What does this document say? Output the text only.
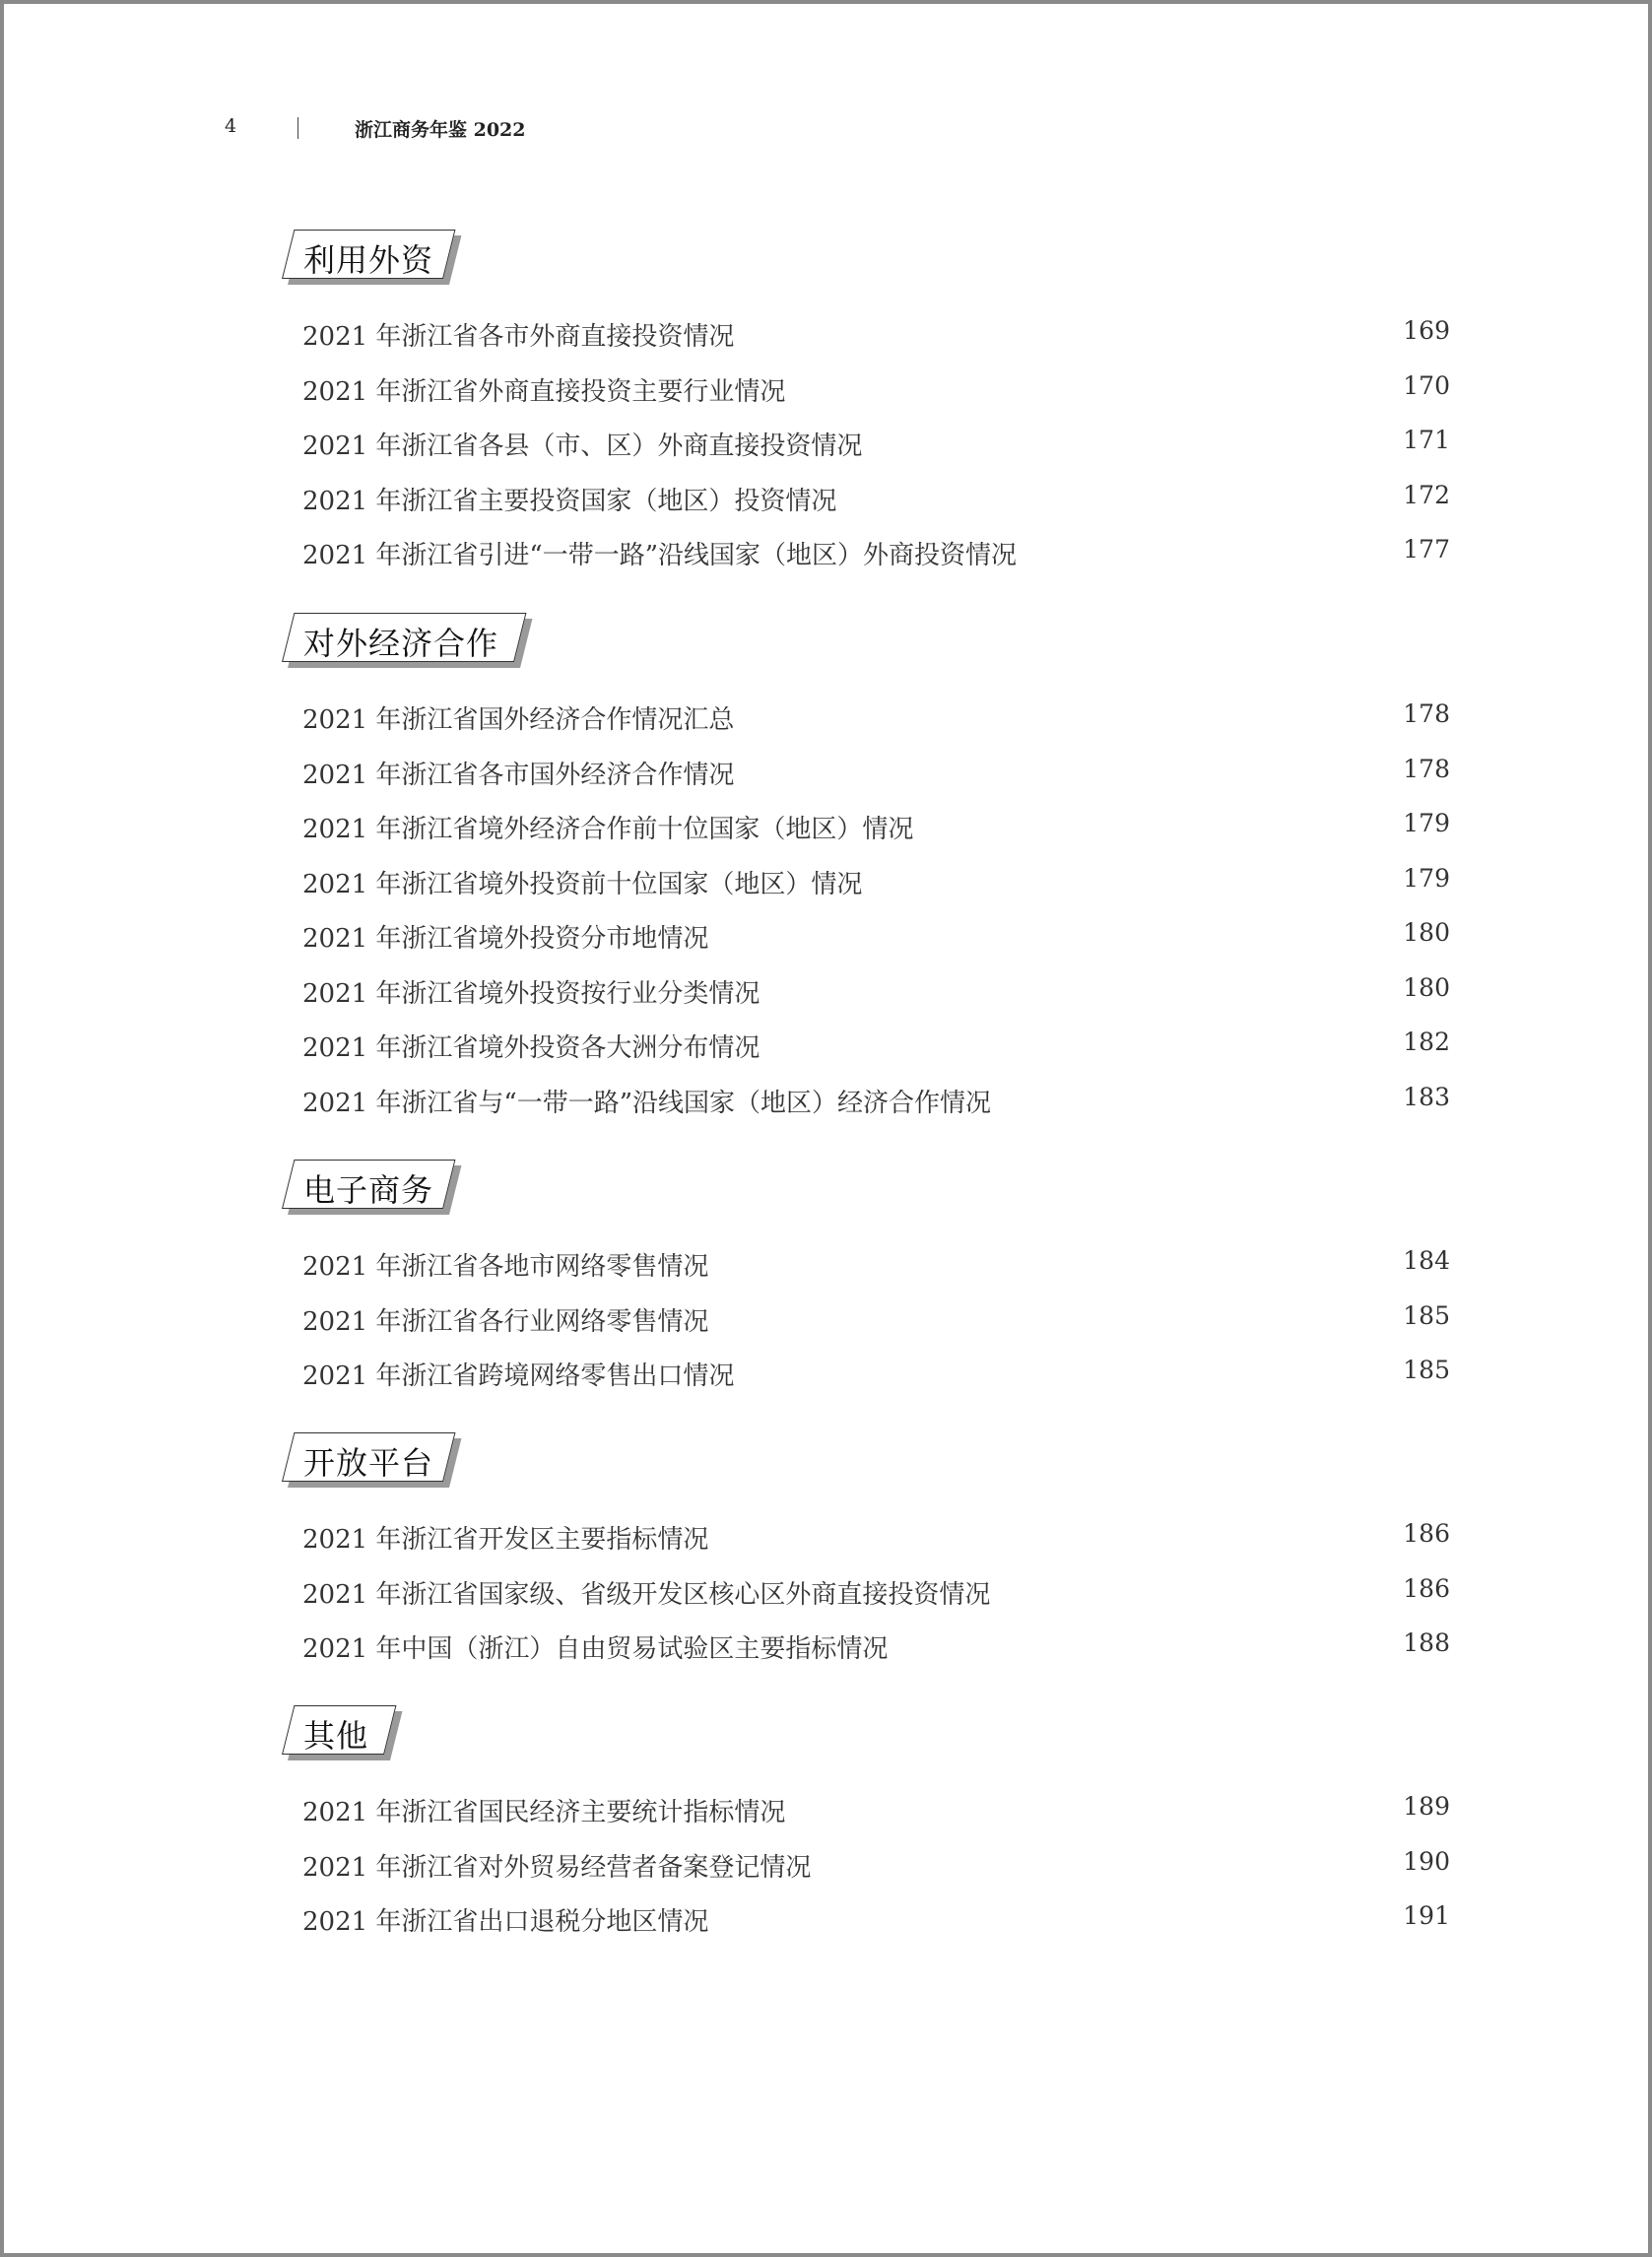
4	浙江商务年鉴 2022
利用外资
2021 年浙江省各市外商直接投资情况	169
2021 年浙江省外商直接投资主要行业情况	170
2021 年浙江省各县（市、区）外商直接投资情况	171
2021 年浙江省主要投资国家（地区）投资情况	172
2021 年浙江省引进“一带一路”沿线国家（地区）外商投资情况	177
对外经济合作
2021 年浙江省国外经济合作情况汇总	178
2021 年浙江省各市国外经济合作情况	178
2021 年浙江省境外经济合作前十位国家（地区）情况	179
2021 年浙江省境外投资前十位国家（地区）情况	179
2021 年浙江省境外投资分市地情况	180
2021 年浙江省境外投资按行业分类情况	180
2021 年浙江省境外投资各大洲分布情况	182
2021 年浙江省与“一带一路”沿线国家（地区）经济合作情况	183
电子商务
2021 年浙江省各地市网络零售情况	184
2021 年浙江省各行业网络零售情况	185
2021 年浙江省跨境网络零售出口情况	185
开放平台
2021 年浙江省开发区主要指标情况	186
2021 年浙江省国家级、省级开发区核心区外商直接投资情况	186
2021 年中国（浙江）自由贸易试验区主要指标情况	188
其他
2021 年浙江省国民经济主要统计指标情况	189
2021 年浙江省对外贸易经营者备案登记情况	190
2021 年浙江省出口退税分地区情况	191
